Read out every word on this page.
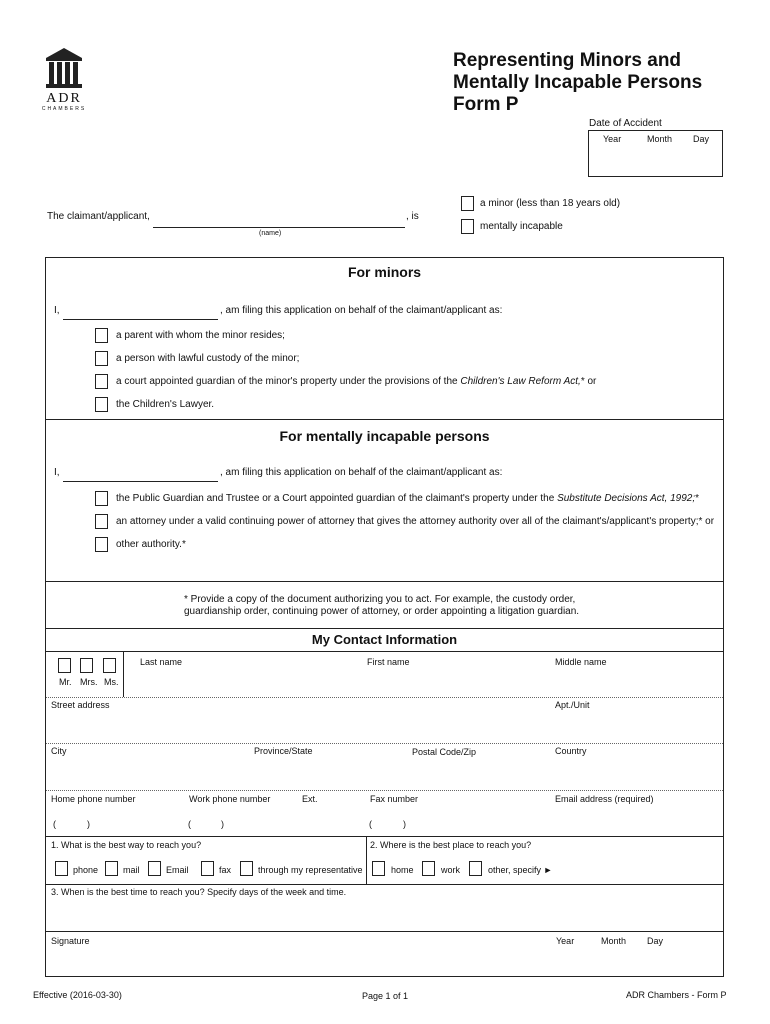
ADR
CHAMBERS
Representing Minors and
Mentally Incapable Persons
Form P
Date of Accident
Year	Month Day
The claimant/applicant,
(name)
, is
a minor (less than 18 years old)
mentally incapable
For minors
I,	, am filing this application on behalf of the claimant/applicant as:
a parent with whom the minor resides;
a person with lawful custody of the minor;
a court appointed guardian of the minor's property under the provisions of the Children's Law Reform Act,* or
the Children's Lawyer.
For mentally incapable persons
I,	, am filing this application on behalf of the claimant/applicant as:
the Public Guardian and Trustee or a Court appointed guardian of the claimant's property under the Substitute Decisions Act, 1992;*
an attorney under a valid continuing power of attorney that gives the attorney authority over all of the claimant's/applicant's property;* or
other authority.*
* Provide a copy of the document authorizing you to act. For example, the custody order,
guardianship order, continuing power of attorney, or order appointing a litigation guardian.
My Contact Information
Mr. Mrs. Ms.
Last name	First name	Middle name
Street address	Apt./Unit
City	Province/State	Postal Code/Zip	Country
Home phone number	Work phone number	Ext.	Fax number	Email address (required)
(	)	(	)	(	)
1. What is the best way to reach you?	2. Where is the best place to reach you?
phone	mail	Email	fax	through my representative	home	work	other, specify ►
3. When is the best time to reach you? Specify days of the week and time.
Signature	Year	Month Day
Effective (2016-03-30)	Page 1 of 1	ADR Chambers - Form P
